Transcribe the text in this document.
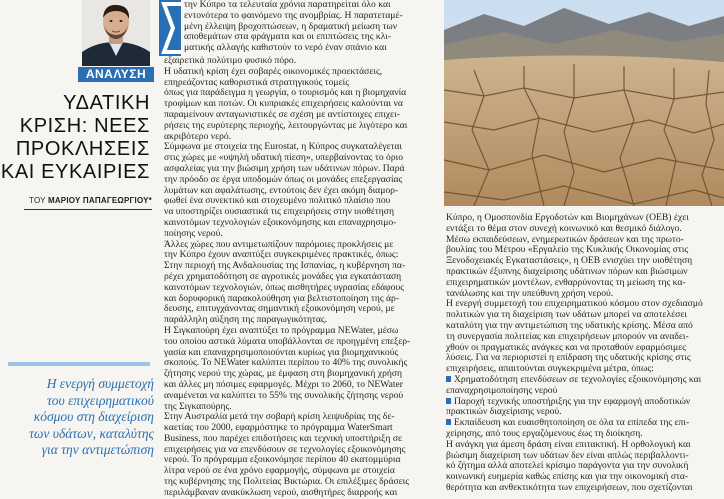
ΑΝΑΛΥΣΗ
ΥΔΑΤΙΚΗ
ΚΡΙΣΗ: ΝΕΕΣ
ΠΡΟΚΛΗΣΕΙΣ
ΚΑΙ ΕΥΚΑΙΡΙΕΣ
ΤΟΥ ΜΑΡΙΟΥ ΠΑΠΑΓΕΩΡΓΙΟΥ*
Η ενεργή συμμετοχή
του επιχειρηματικού
κόσμου στη διαχείριση
των υδάτων, καταλύτης
για την αντιμετώπιση
την Κύπρο τα τελευταία χρόνια παρατηρείται όλο και
εντονότερα το φαινόμενο της ανομβρίας. Η παρατεταμέ-
μένη έλλειψη βροχοπτώσεων, η δραματική μείωση των
αποθεμάτων στα φράγματα και οι επιπτώσεις της κλι-
ματικής αλλαγής καθιστούν το νερό έναν σπάνιο και
εξαιρετικά πολύτιμο φυσικό πόρο.
Η υδατική κρίση έχει σοβαρές οικονομικές προεκτάσεις,
επηρεάζοντας καθοριστικά στρατηγικούς τομείς
όπως για παράδειγμα η γεωργία, ο τουρισμός και η βιομηχανία
τροφίμων και ποτών. Οι κυπριακές επιχειρήσεις καλούνται να
παραμείνουν ανταγωνιστικές σε σχέση με αντίστοιχες επιχει-
ρήσεις της ευρύτερης περιοχής, λειτουργώντας με λιγότερο και
ακριβότερο νερό.
Σύμφωνα με στοιχεία της Eurostat, η Κύπρος συγκαταλέγεται
στις χώρες με «υψηλή υδατική πίεση», υπερβαίνοντας το όριο
ασφαλείας για την βιώσιμη χρήση των υδάτινων πόρων. Παρά
την πρόοδο σε έργα υποδομών όπως οι μονάδες επεξεργασίας
λυμάτων και αφαλάτωσης, εντούτοις δεν έχει ακόμη διαμορ-
φωθεί ένα συνεκτικό και στοχευμένο πολιτικό πλαίσιο που
να υποστηρίζει ουσιαστικά τις επιχειρήσεις στην υιοθέτηση
καινοτόμων τεχνολογιών εξοικονόμησης και επαναχρησιμο-
ποίησης νερού.
Άλλες χώρες που αντιμετωπίζουν παρόμοιες προκλήσεις με
την Κύπρο έχουν αναπτύξει συγκεκριμένες πρακτικές, όπως:
Στην περιοχή της Ανδαλουσίας της Ισπανίας, η κυβέρνηση πα-
ρέχει χρηματοδότηση σε αγροτικές μονάδες για εγκατάσταση
καινοτόμων τεχνολογιών, όπως αισθητήρες υγρασίας εδάφους
και δορυφορική παρακολούθηση για βελτιστοποίηση της άρ-
δευσης, επιτυγχάνοντας σημαντική εξοικονόμηση νερού, με
παράλληλη αύξηση της παραγωγικότητας.
Η Σιγκαπούρη έχει αναπτύξει το πρόγραμμα NEWater, μέσω
του οποίου αστικά λύματα υποβάλλονται σε προηγμένη επεξερ-
γασία και επαναχρησιμοποιούνται κυρίως για βιομηχανικούς
σκοπούς. Το NEWater καλύπτει περίπου το 40% της συνολικής
ζήτησης νερού της χώρας, με έμφαση στη βιομηχανική χρήση
και άλλες μη πόσιμες εφαρμογές. Μέχρι το 2060, το NEWater
αναμένεται να καλύπτει το 55% της συνολικής ζήτησης νερού
της Σιγκαπούρης.
Στην Αυστραλία μετά την σοβαρή κρίση λειψυδρίας της δε-
καετίας του 2000, εφαρμόστηκε το πρόγραμμα WaterSmart
Business, που παρέχει επιδοτήσεις και τεχνική υποστήριξη σε
επιχειρήσεις για να επενδύσουν σε τεχνολογίες εξοικονόμησης
νερού. Το πρόγραμμα εξοικονόμησε περίπου 40 εκατομμύρια
λίτρα νερού σε ένα χρόνο εφαρμογής, σύμφωνα με στοιχεία
της κυβέρνησης της Πολιτείας Βικτώρια. Οι επιλέξιμες δράσεις
περιλάμβαναν ανακύκλωση νερού, αισθητήρες διαρροής και
Κύπρο, η Ομοσπονδία Εργοδοτών και Βιομηχάνων (ΟΕΒ) έχει
εντάξει το θέμα στον συνεχή κοινωνικό και θεσμικό διάλογο.
Μέσω εκπαιδεύσεων, ενημερωτικών δράσεων και της πρωτο-
βουλίας του Μέτρου «Εργαλείο της Κυκλικής Οικονομίας στις
Ξενοδοχειακές Εγκαταστάσεις», η ΟΕΒ ενισχύει την υιοθέτηση
πρακτικών έξυπνης διαχείρισης υδάτινων πόρων και βιώσιμων
επιχειρηματικών μοντέλων, ενθαρρύνοντας τη μείωση της κα-
τανάλωσης και την υπεύθυνη χρήση νερού.
Η ενεργή συμμετοχή του επιχειρηματικού κόσμου στον σχεδιασμό
πολιτικών για τη διαχείριση των υδάτων μπορεί να αποτελέσει
καταλύτη για την αντιμετώπιση της υδατικής κρίσης. Μέσα από
τη συνεργασία πολιτείας και επιχειρήσεων μπορούν να αναδει-
χθούν οι πραγματικές ανάγκες και να προταθούν εφαρμόσιμες
λύσεις. Για να περιοριστεί η επίδραση της υδατικής κρίσης στις
επιχειρήσεις, απαιτούνται συγκεκριμένα μέτρα, όπως:
Χρηματοδότηση επενδύσεων σε τεχνολογίες εξοικονόμησης και
επαναχρησιμοποίησης νερού
Παροχή τεχνικής υποστήριξης για την εφαρμογή αποδοτικών
πρακτικών διαχείρισης νερού.
Εκπαίδευση και ευαισθητοποίηση σε όλα τα επίπεδα της επι-
χείρησης, από τους εργαζόμενους έως τη διοίκηση.
Η ανάγκη για άμεση δράση είναι επιτακτική. Η ορθολογική και
βιώσιμη διαχείριση των υδάτων δεν είναι απλώς περιβαλλοντι-
κό ζήτημα αλλά αποτελεί κρίσιμο παράγοντα για την συνολική
κοινωνική ευημερία καθώς επίσης και για την οικονομική στα-
θερότητα και ανθεκτικότητα των επιχειρήσεων, που σχετίζονται
